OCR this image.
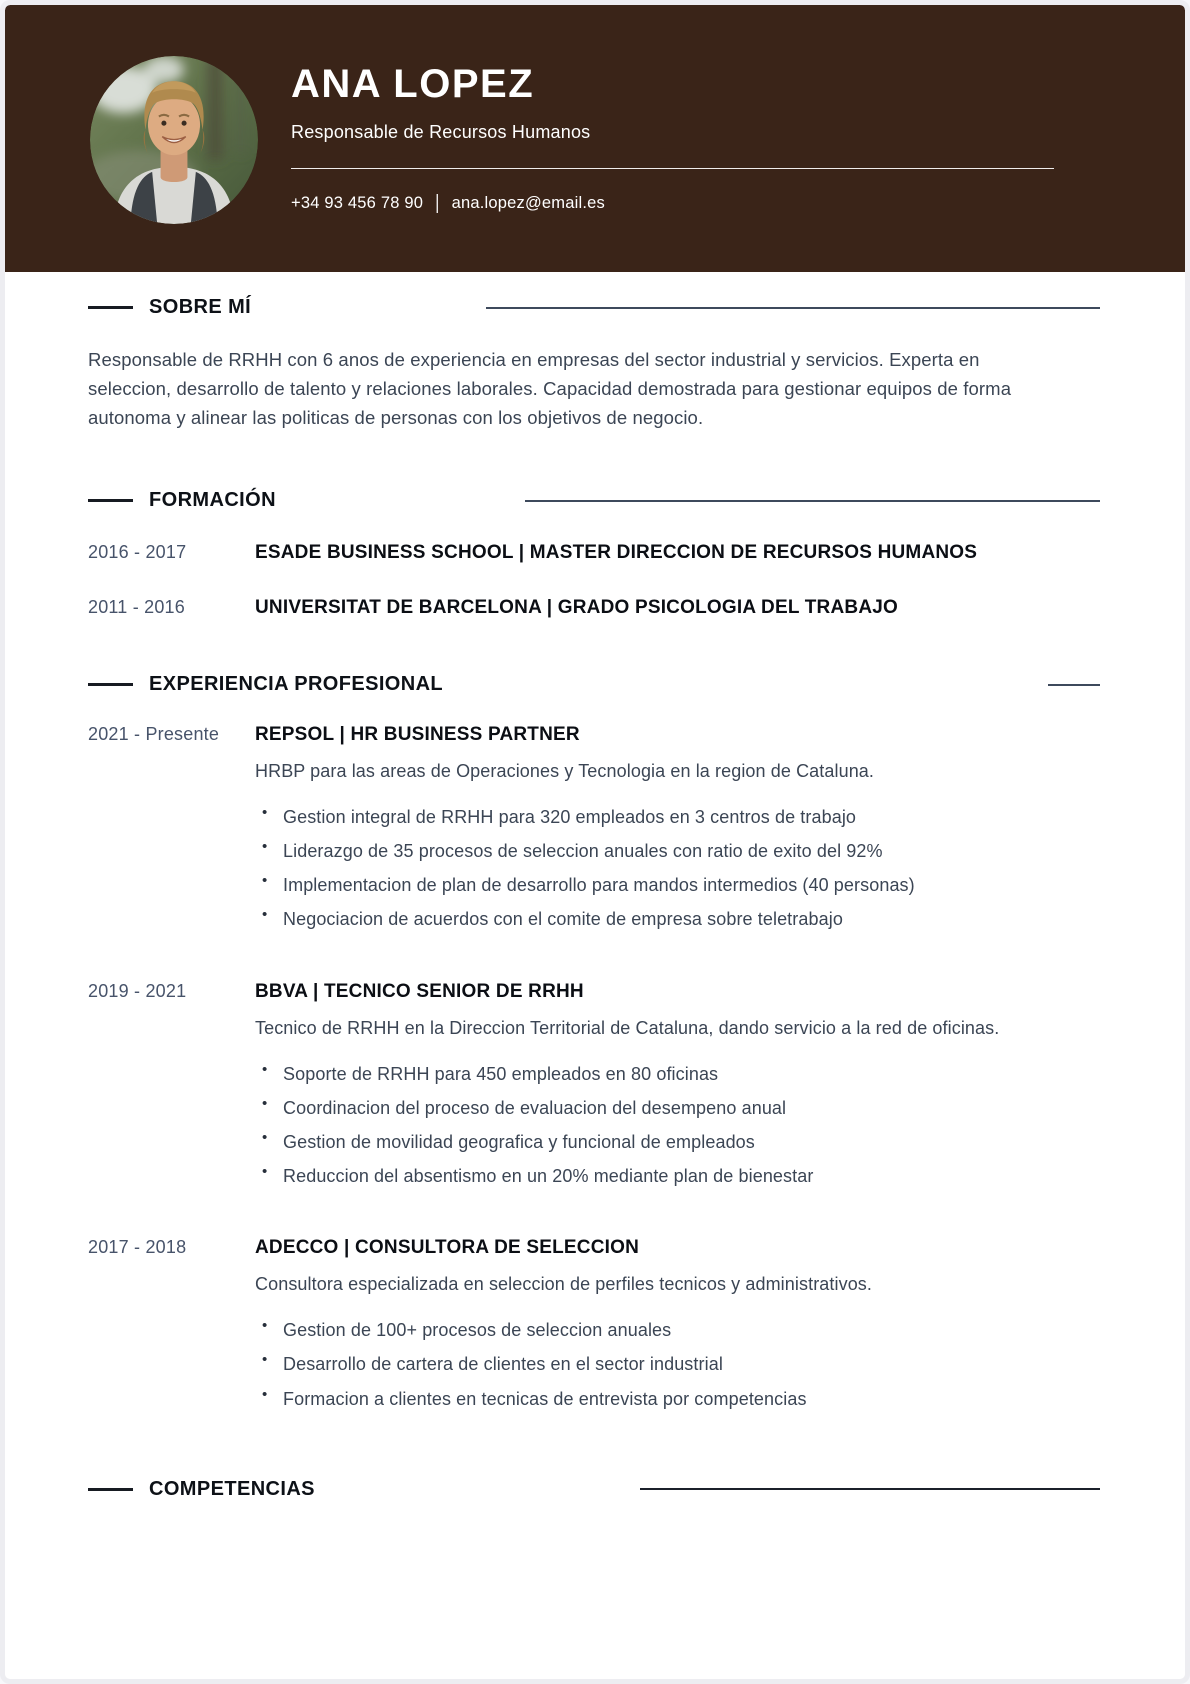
ANA LOPEZ
Responsable de Recursos Humanos
+34 93 456 78 90 | ana.lopez@email.es
SOBRE MÍ

Responsable de RRHH con 6 anos de experiencia en empresas del sector industrial y servicios. Experta en seleccion, desarrollo de talento y relaciones laborales. Capacidad demostrada para gestionar equipos de forma autonoma y alinear las politicas de personas con los objetivos de negocio.

FORMACIÓN
2016 - 2017	ESADE BUSINESS SCHOOL | MASTER DIRECCION DE RECURSOS HUMANOS
2011 - 2016	UNIVERSITAT DE BARCELONA | GRADO PSICOLOGIA DEL TRABAJO
EXPERIENCIA PROFESIONAL
2021 - Presente	REPSOL | HR BUSINESS PARTNER
HRBP para las areas de Operaciones y Tecnologia en la region de Cataluna.
• Gestion integral de RRHH para 320 empleados en 3 centros de trabajo
• Liderazgo de 35 procesos de seleccion anuales con ratio de exito del 92%
• Implementacion de plan de desarrollo para mandos intermedios (40 personas)
• Negociacion de acuerdos con el comite de empresa sobre teletrabajo
2019 - 2021	BBVA | TECNICO SENIOR DE RRHH
Tecnico de RRHH en la Direccion Territorial de Cataluna, dando servicio a la red de oficinas.
• Soporte de RRHH para 450 empleados en 80 oficinas
• Coordinacion del proceso de evaluacion del desempeno anual
• Gestion de movilidad geografica y funcional de empleados
• Reduccion del absentismo en un 20% mediante plan de bienestar
2017 - 2018	ADECCO | CONSULTORA DE SELECCION
Consultora especializada en seleccion de perfiles tecnicos y administrativos.
• Gestion de 100+ procesos de seleccion anuales
• Desarrollo de cartera de clientes en el sector industrial
• Formacion a clientes en tecnicas de entrevista por competencias
COMPETENCIAS
